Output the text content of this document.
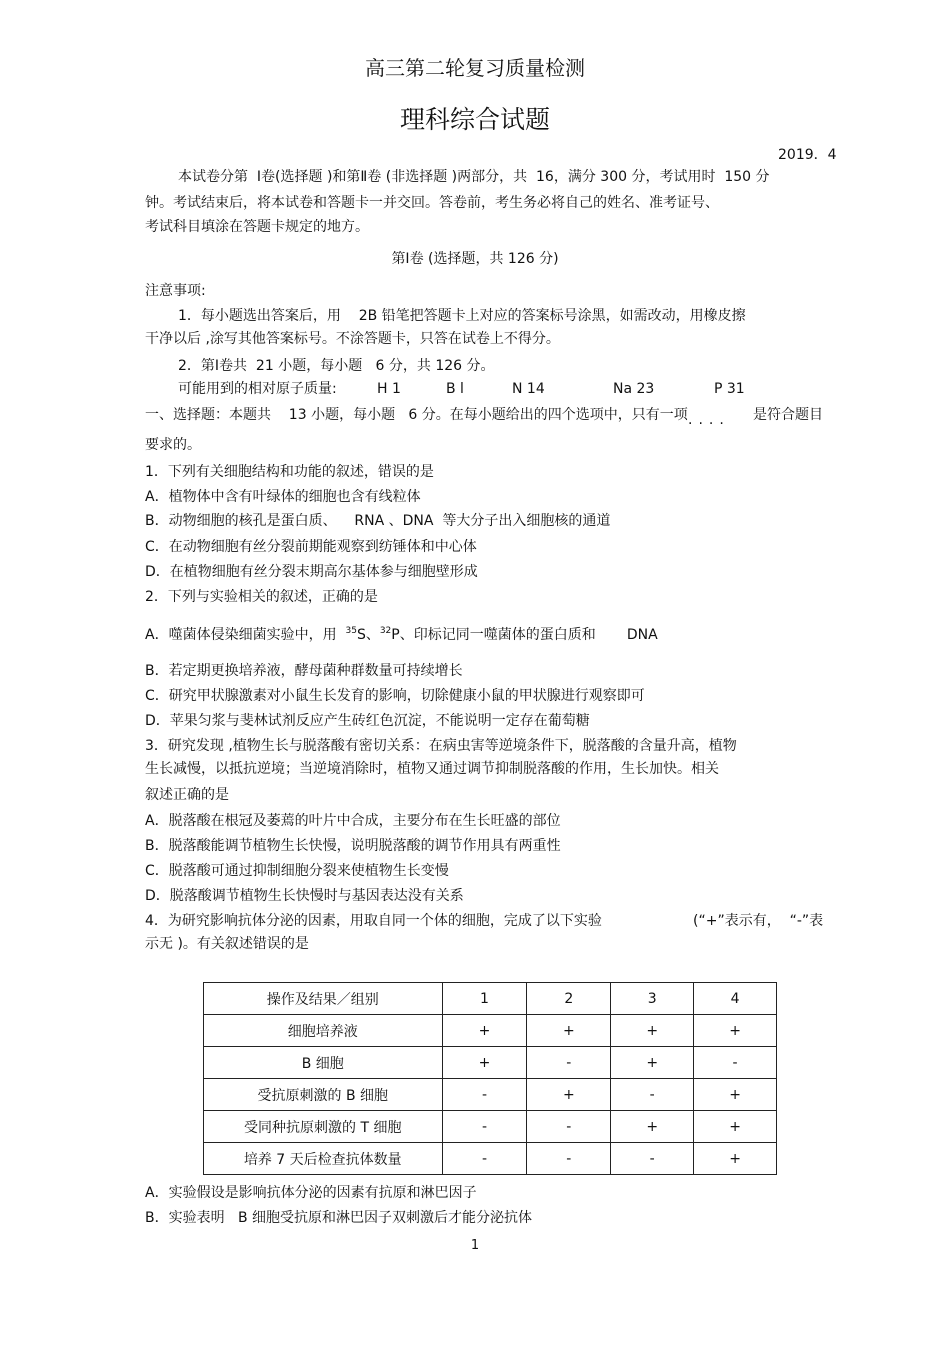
高三第二轮复习质量检测
理科综合试题
2019．4
本试卷分第  Ⅰ卷(选择题 )和第Ⅱ卷 (非选择题 )两部分，共  16，满分 300 分，考试用时  150 分
钟。考试结束后，将本试卷和答题卡一并交回。答卷前，考生务必将自己的姓名、准考证号、
考试科目填涂在答题卡规定的地方。
第Ⅰ卷 (选择题，共 126 分)
注意事项:
1．每小题选出答案后，用    2B 铅笔把答题卡上对应的答案标号涂黑，如需改动，用橡皮擦
干净以后 ,涂写其他答案标号。不涂答题卡，只答在试卷上不得分。
2．第Ⅰ卷共  21 小题，每小题   6 分，共 126 分。
可能用到的相对原子质量:	H 1	B l	N 14	Na 23	P 31
一、选择题：本题共    13 小题，每小题   6 分。在每小题给出的四个选项中，只有一项
····
是符合题目
要求的。
1．下列有关细胞结构和功能的叙述，错误的是
A．植物体中含有叶绿体的细胞也含有线粒体
B．动物细胞的核孔是蛋白质、    RNA 、DNA  等大分子出入细胞核的通道
C．在动物细胞有丝分裂前期能观察到纺锤体和中心体
D．在植物细胞有丝分裂末期高尔基体参与细胞壁形成
2．下列与实验相关的叙述，正确的是
A．噬菌体侵染细菌实验中，用  $^{35}$S、$^{32}$P、印标记同一噬菌体的蛋白质和       DNA
B．若定期更换培养液，酵母菌种群数量可持续增长
C．研究甲状腺激素对小鼠生长发育的影响，切除健康小鼠的甲状腺进行观察即可
D．苹果匀浆与斐林试剂反应产生砖红色沉淀，不能说明一定存在葡萄糖
3．研究发现 ,植物生长与脱落酸有密切关系：在病虫害等逆境条件下，脱落酸的含量升高，植物
生长减慢，以抵抗逆境；当逆境消除时，植物又通过调节抑制脱落酸的作用，生长加快。相关
叙述正确的是
A．脱落酸在根冠及萎蔫的叶片中合成，主要分布在生长旺盛的部位
B．脱落酸能调节植物生长快慢，说明脱落酸的调节作用具有两重性
C．脱落酸可通过抑制细胞分裂来使植物生长变慢
D．脱落酸调节植物生长快慢时与基因表达没有关系
4．为研究影响抗体分泌的因素，用取自同一个体的细胞，完成了以下实验	(“+”表示有，  “-”表
示无 )。有关叙述错误的是
操作及结果／组别	1	2	3	4
细胞培养液	+	+	+	+
B 细胞	+	-	+	-
受抗原刺激的 B 细胞	-	+	-	+
受同种抗原刺激的 T 细胞	-	-	+	+
培养 7 天后检查抗体数量	-	-	-	+
A．实验假设是影响抗体分泌的因素有抗原和淋巴因子
B．实验表明   B 细胞受抗原和淋巴因子双刺激后才能分泌抗体
1
